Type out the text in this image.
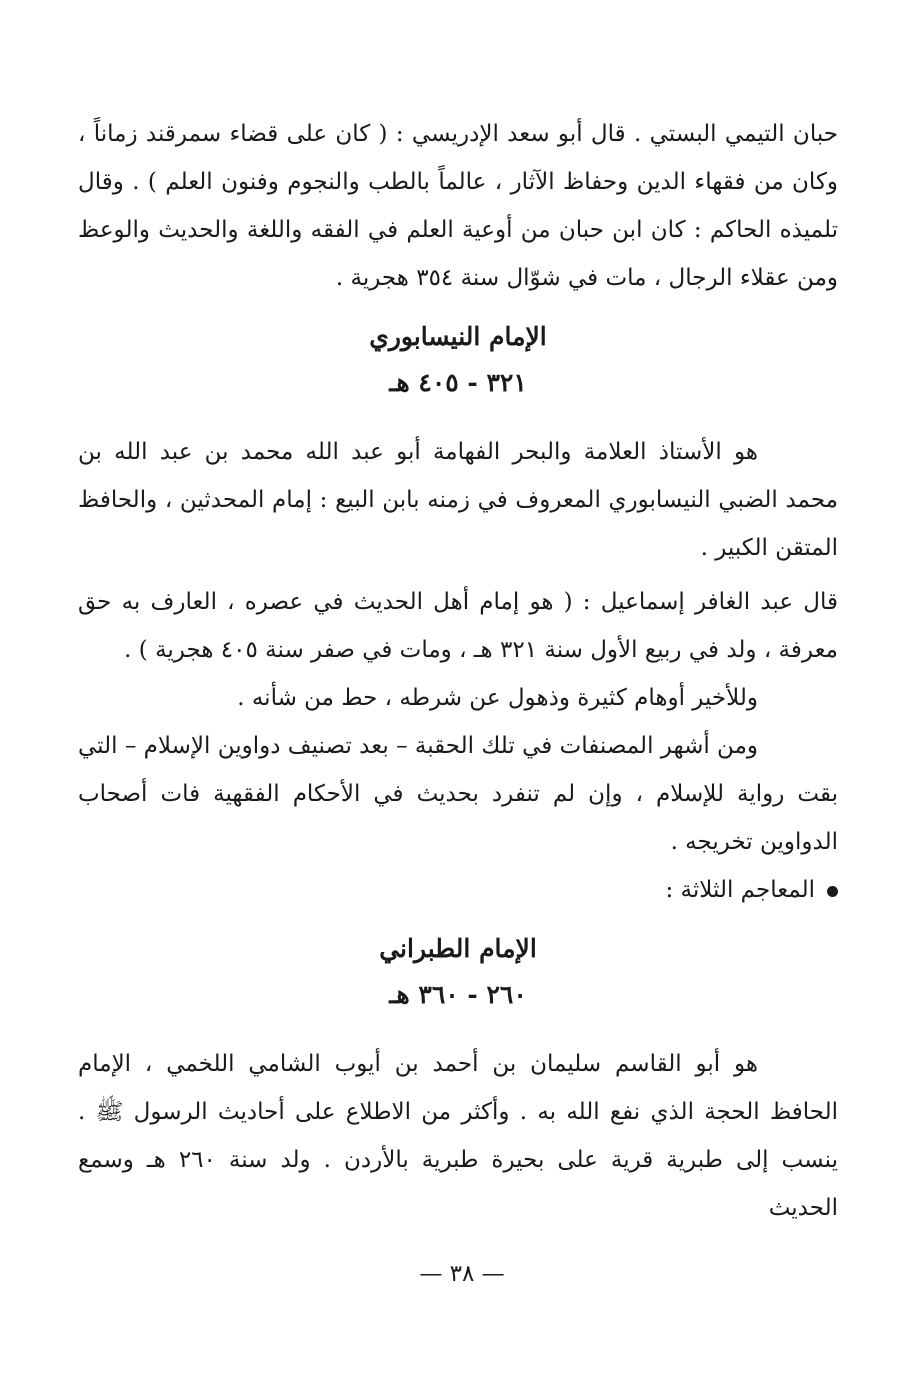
حبان التيمي البستي . قال أبو سعد الإدريسي : ( كان على قضاء سمرقند زماناً ، وكان من فقهاء الدين وحفاظ الآثار ، عالماً بالطب والنجوم وفنون العلم ) . وقال تلميذه الحاكم : كان ابن حبان من أوعية العلم في الفقه واللغة والحديث والوعظ ومن عقلاء الرجال ، مات في شوّال سنة ٣٥٤ هجرية .

الإمام النيسابوري
٣٢١ - ٤٠٥ هـ

هو الأستاذ العلامة والبحر الفهامة أبو عبد الله محمد بن عبد الله بن محمد الضبي النيسابوري المعروف في زمنه بابن البيع : إمام المحدثين ، والحافظ المتقن الكبير .

قال عبد الغافر إسماعيل : ( هو إمام أهل الحديث في عصره ، العارف به حق معرفة ، ولد في ربيع الأول سنة ٣٢١ هـ ، ومات في صفر سنة ٤٠٥ هجرية ) .

وللأخير أوهام كثيرة وذهول عن شرطه ، حط من شأنه .

ومن أشهر المصنفات في تلك الحقبة – بعد تصنيف دواوين الإسلام – التي بقت رواية للإسلام ، وإن لم تنفرد بحديث في الأحكام الفقهية فات أصحاب الدواوين تخريجه .

المعاجم الثلاثة :

الإمام الطبراني
٢٦٠ - ٣٦٠ هـ

هو أبو القاسم سليمان بن أحمد بن أيوب الشامي اللخمي ، الإمام الحافظ الحجة الذي نفع الله به . وأكثر من الاطلاع على أحاديث الرسول ﷺ . ينسب إلى طبرية قرية على بحيرة طبرية بالأردن . ولد سنة ٢٦٠ هـ وسمع الحديث

— ٣٨ —
